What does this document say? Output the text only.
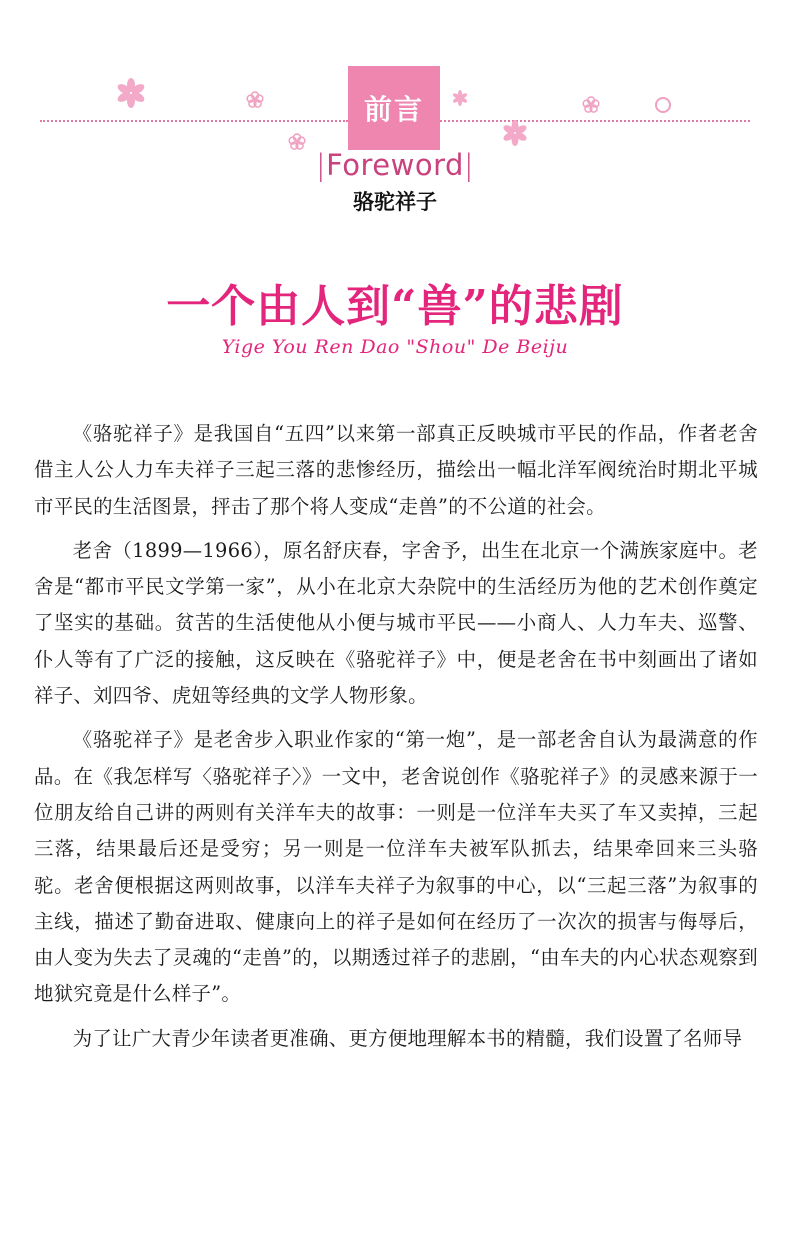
前言
|Foreword|
骆驼祥子
一个由人到“兽”的悲剧
Yige You Ren Dao "Shou" De Beiju

《骆驼祥子》是我国自“五四”以来第一部真正反映城市平民的作品，作者老舍借主人公人力车夫祥子三起三落的悲惨经历，描绘出一幅北洋军阀统治时期北平城市平民的生活图景，抨击了那个将人变成“走兽”的不公道的社会。

老舍（1899—1966），原名舒庆春，字舍予，出生在北京一个满族家庭中。老舍是“都市平民文学第一家”，从小在北京大杂院中的生活经历为他的艺术创作奠定了坚实的基础。贫苦的生活使他从小便与城市平民——小商人、人力车夫、巡警、仆人等有了广泛的接触，这反映在《骆驼祥子》中，便是老舍在书中刻画出了诸如祥子、刘四爷、虎妞等经典的文学人物形象。

《骆驼祥子》是老舍步入职业作家的“第一炮”，是一部老舍自认为最满意的作品。在《我怎样写〈骆驼祥子〉》一文中，老舍说创作《骆驼祥子》的灵感来源于一位朋友给自己讲的两则有关洋车夫的故事：一则是一位洋车夫买了车又卖掉，三起三落，结果最后还是受穷；另一则是一位洋车夫被军队抓去，结果牵回来三头骆驼。老舍便根据这两则故事，以洋车夫祥子为叙事的中心，以“三起三落”为叙事的主线，描述了勤奋进取、健康向上的祥子是如何在经历了一次次的损害与侮辱后，由人变为失去了灵魂的“走兽”的，以期透过祥子的悲剧，“由车夫的内心状态观察到地狱究竟是什么样子”。

为了让广大青少年读者更准确、更方便地理解本书的精髓，我们设置了名师导
